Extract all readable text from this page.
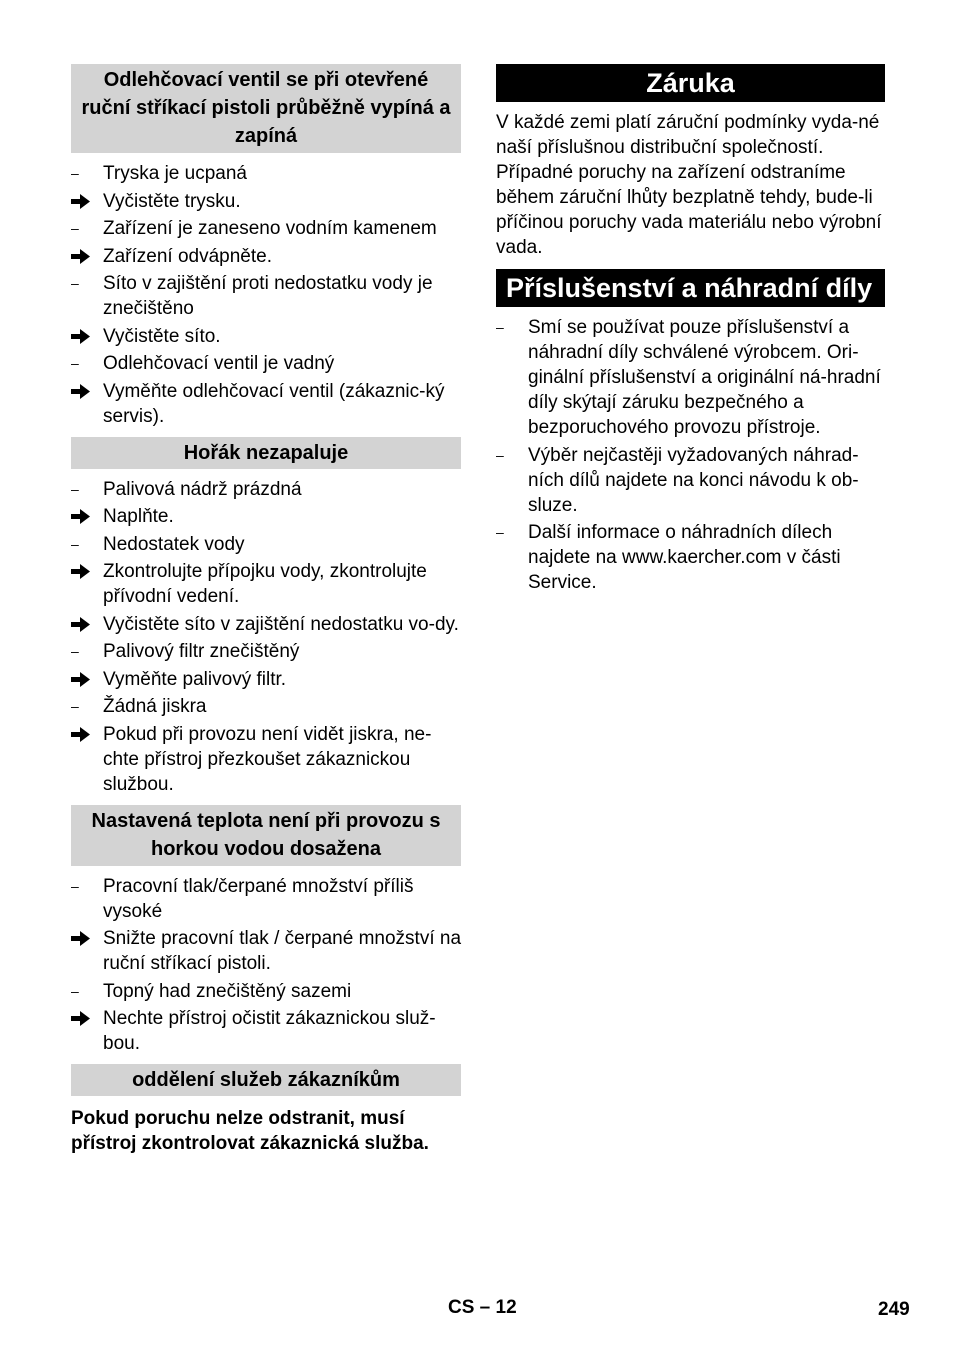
Odlehčovací ventil se při otevřené ruční stříkací pistoli průběžně vypíná a zapíná
–	Tryska je ucpaná
Vyčistěte trysku.
–	Zařízení je zaneseno vodním kamenem
Zařízení odvápněte.
–	Síto v zajištění proti nedostatku vody je znečištěno
Vyčistěte síto.
–	Odlehčovací ventil je vadný
Vyměňte odlehčovací ventil (zákaznic-ký servis).
Hořák nezapaluje
–	Palivová nádrž prázdná
Naplňte.
–	Nedostatek vody
Zkontrolujte přípojku vody, zkontrolujte přívodní vedení.
Vyčistěte síto v zajištění nedostatku vo-dy.
–	Palivový filtr znečištěný
Vyměňte palivový filtr.
–	Žádná jiskra
Pokud při provozu není vidět jiskra, ne-chte přístroj přezkoušet zákaznickou službou.
Nastavená teplota není při provozu s horkou vodou dosažena
–	Pracovní tlak/čerpané množství příliš vysoké
Snižte pracovní tlak / čerpané množství na ruční stříkací pistoli.
–	Topný had znečištěný sazemi
Nechte přístroj očistit zákaznickou služ-bou.
oddělení služeb zákazníkům

Pokud poruchu nelze odstranit, musí přístroj zkontrolovat zákaznická služba.

Záruka

V každé zemi platí záruční podmínky vyda-né naší příslušnou distribuční společností. Případné poruchy na zařízení odstraníme během záruční lhůty bezplatně tehdy, bude-li příčinou poruchy vada materiálu nebo výrobní vada.

Příslušenství a náhradní díly
–	Smí se používat pouze příslušenství a náhradní díly schválené výrobcem. Ori-ginální příslušenství a originální ná-hradní díly skýtají záruku bezpečného a bezporuchového provozu přístroje.
–	Výběr nejčastěji vyžadovaných náhrad-ních dílů najdete na konci návodu k ob-sluze.
–	Další informace o náhradních dílech najdete na www.kaercher.com v části Service.
CS – 12	249
